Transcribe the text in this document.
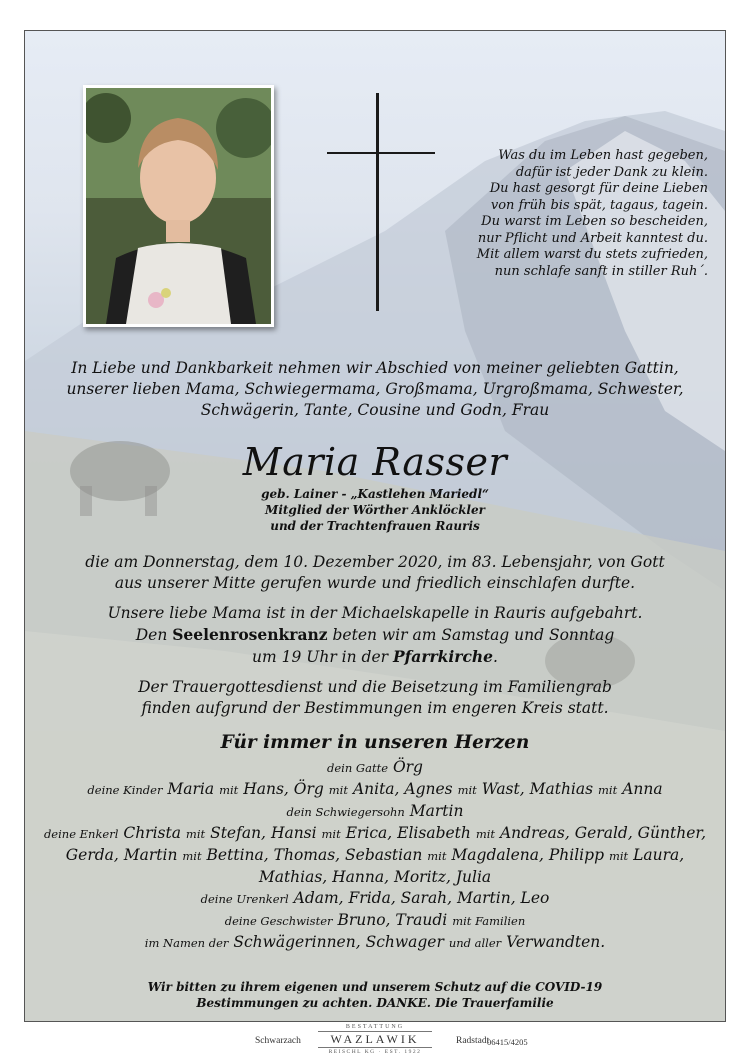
Was du im Leben hast gegeben,
dafür ist jeder Dank zu klein.
Du hast gesorgt für deine Lieben
von früh bis spät, tagaus, tagein.
Du warst im Leben so bescheiden,
nur Pflicht und Arbeit kanntest du.
Mit allem warst du stets zufrieden,
nun schlafe sanft in stiller Ruh´.
In Liebe und Dankbarkeit nehmen wir Abschied von meiner geliebten Gattin,
unserer lieben Mama, Schwiegermama, Großmama, Urgroßmama, Schwester,
Schwägerin, Tante, Cousine und Godn, Frau
Maria Rasser
geb. Lainer - „Kastlehen Mariedl“
Mitglied der Wörther Anklöckler
und der Trachtenfrauen Rauris
die am Donnerstag, dem 10. Dezember 2020, im 83. Lebensjahr, von Gott
aus unserer Mitte gerufen wurde und friedlich einschlafen durfte.
Unsere liebe Mama ist in der Michaelskapelle in Rauris aufgebahrt.
Den Seelenrosenkranz beten wir am Samstag und Sonntag
um 19 Uhr in der Pfarrkirche.
Der Trauergottesdienst und die Beisetzung im Familiengrab
finden aufgrund der Bestimmungen im engeren Kreis statt.
Für immer in unseren Herzen
dein Gatte Örg
deine Kinder Maria mit Hans, Örg mit Anita, Agnes mit Wast, Mathias mit Anna
dein Schwiegersohn Martin
deine Enkerl Christa mit Stefan, Hansi mit Erica, Elisabeth mit Andreas, Gerald, Günther,
Gerda, Martin mit Bettina, Thomas, Sebastian mit Magdalena, Philipp mit Laura,
Mathias, Hanna, Moritz, Julia
deine Urenkerl Adam, Frida, Sarah, Martin, Leo
deine Geschwister Bruno, Traudi mit Familien
im Namen der Schwägerinnen, Schwager und aller Verwandten.
Wir bitten zu ihrem eigenen und unserem Schutz auf die COVID-19
Bestimmungen zu achten. DANKE. Die Trauerfamilie
Schwarzach
BESTATTUNG
WAZLAWIK
REISCHL KG · EST. 1922
Radstadt
06415/4205
